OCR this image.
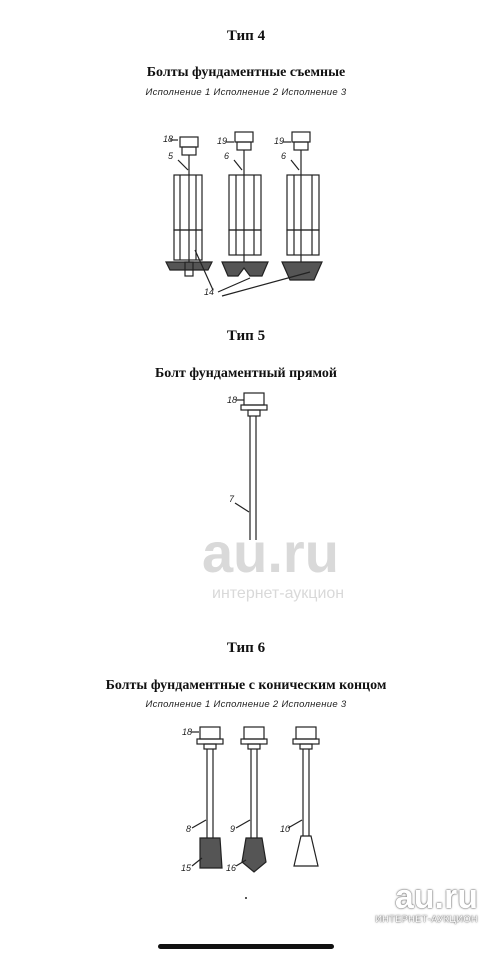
Тип 4
Болты фундаментные съемные
Исполнение 1 Исполнение 2 Исполнение 3
Тип 5
Болт фундаментный прямой
Тип 6
Болты фундаментные с коническим концом
Исполнение 1 Исполнение 2 Исполнение 3
au.ru
интернет-аукцион
18	19	19
5	6	6
14
18
7
18
8	9	10
15	16
au.ru
ИНТЕРНЕТ-АУКЦИОН
